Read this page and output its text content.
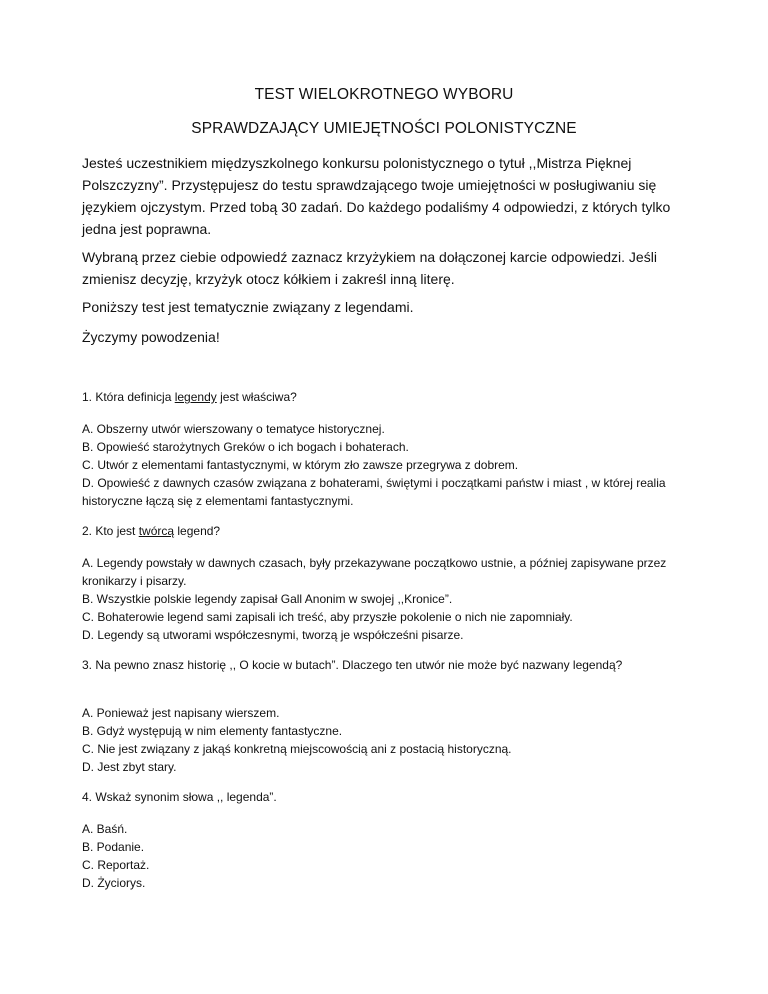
TEST WIELOKROTNEGO WYBORU
SPRAWDZAJĄCY UMIEJĘTNOŚCI POLONISTYCZNE
Jesteś uczestnikiem międzyszkolnego konkursu polonistycznego o tytuł ,,Mistrza Pięknej Polszczyzny”. Przystępujesz do testu sprawdzającego twoje umiejętności w posługiwaniu się językiem ojczystym. Przed tobą 30 zadań. Do każdego podaliśmy 4 odpowiedzi, z których tylko jedna jest poprawna.
Wybraną przez ciebie odpowiedź zaznacz krzyżykiem na dołączonej karcie odpowiedzi. Jeśli zmienisz decyzję, krzyżyk otocz kółkiem i zakreśl inną literę.
Poniższy test jest tematycznie związany z legendami.
Życzymy powodzenia!
1. Która definicja legendy jest właściwa?
A. Obszerny utwór wierszowany o tematyce historycznej.
B. Opowieść starożytnych Greków o ich bogach i bohaterach.
C. Utwór z elementami fantastycznymi, w którym zło zawsze przegrywa z dobrem.
D. Opowieść z dawnych czasów związana z bohaterami, świętymi i początkami państw i miast , w której realia historyczne łączą się z elementami fantastycznymi.
2. Kto jest twórcą legend?
A. Legendy powstały w dawnych czasach, były przekazywane początkowo ustnie, a później zapisywane przez kronikarzy i pisarzy.
B. Wszystkie polskie legendy zapisał Gall Anonim w swojej ,,Kronice”.
C. Bohaterowie legend sami zapisali ich treść, aby przyszłe pokolenie o nich nie zapomniały.
D. Legendy są utworami współczesnymi, tworzą je współcześni pisarze.
3. Na pewno znasz historię ,, O kocie w butach”. Dlaczego ten utwór nie może być nazwany legendą?
A. Ponieważ jest napisany wierszem.
B. Gdyż występują w nim elementy fantastyczne.
C. Nie jest związany z jakąś konkretną miejscowością ani z postacią historyczną.
D. Jest zbyt stary.
4. Wskaż synonim słowa ,, legenda”.
A. Baśń.
B. Podanie.
C. Reportaż.
D. Życiorys.
